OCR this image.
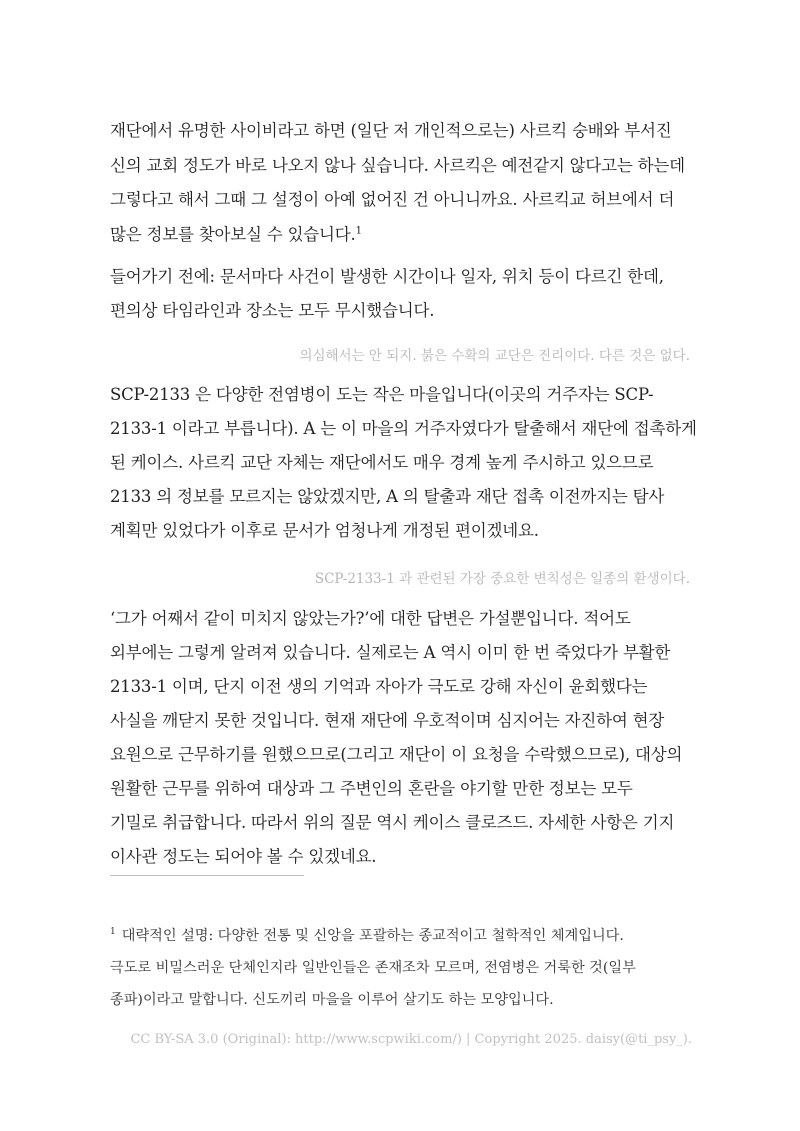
재단에서 유명한 사이비라고 하면 (일단 저 개인적으로는) 사르킥 숭배와 부서진
신의 교회 정도가 바로 나오지 않나 싶습니다. 사르킥은 예전같지 않다고는 하는데
그렇다고 해서 그때 그 설정이 아예 없어진 건 아니니까요. 사르킥교 허브에서 더
많은 정보를 찾아보실 수 있습니다.$^1$

들어가기 전에: 문서마다 사건이 발생한 시간이나 일자, 위치 등이 다르긴 한데,
편의상 타임라인과 장소는 모두 무시했습니다.

의심해서는 안 되지. 붉은 수확의 교단은 진리이다. 다른 것은 없다.

SCP-2133 은 다양한 전염병이 도는 작은 마을입니다(이곳의 거주자는 SCP-
2133-1 이라고 부릅니다). A 는 이 마을의 거주자였다가 탈출해서 재단에 접촉하게
된 케이스. 사르킥 교단 자체는 재단에서도 매우 경계 높게 주시하고 있으므로
2133 의 정보를 모르지는 않았겠지만, A 의 탈출과 재단 접촉 이전까지는 탐사
계획만 있었다가 이후로 문서가 엄청나게 개정된 편이겠네요.

SCP-2133-1 과 관련된 가장 중요한 변칙성은 일종의 환생이다.

‘그가 어째서 같이 미치지 않았는가?’에 대한 답변은 가설뿐입니다. 적어도
외부에는 그렇게 알려져 있습니다. 실제로는 A 역시 이미 한 번 죽었다가 부활한
2133-1 이며, 단지 이전 생의 기억과 자아가 극도로 강해 자신이 윤회했다는
사실을 깨닫지 못한 것입니다. 현재 재단에 우호적이며 심지어는 자진하여 현장
요원으로 근무하기를 원했으므로(그리고 재단이 이 요청을 수락했으므로), 대상의
원활한 근무를 위하여 대상과 그 주변인의 혼란을 야기할 만한 정보는 모두
기밀로 취급합니다. 따라서 위의 질문 역시 케이스 클로즈드. 자세한 사항은 기지
이사관 정도는 되어야 볼 수 있겠네요.

$^1$ 대략적인 설명: 다양한 전통 및 신앙을 포괄하는 종교적이고 철학적인 체계입니다.
극도로 비밀스러운 단체인지라 일반인들은 존재조차 모르며, 전염병은 거룩한 것(일부
종파)이라고 말합니다. 신도끼리 마을을 이루어 살기도 하는 모양입니다.

CC BY-SA 3.0 (Original): http://www.scpwiki.com/) | Copyright 2025. daisy(@ti_psy_).
